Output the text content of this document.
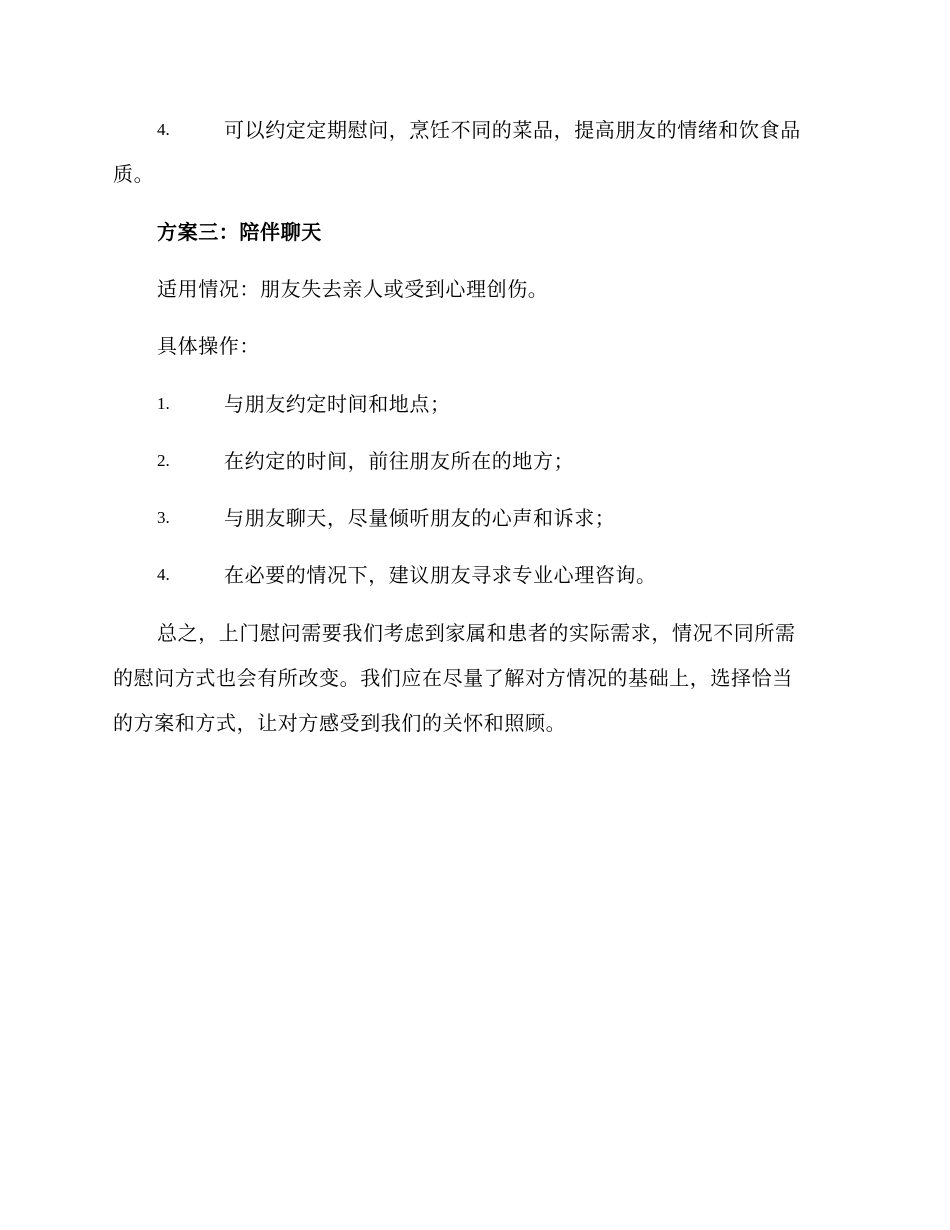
4.	可以约定定期慰问，烹饪不同的菜品，提高朋友的情绪和饮食品
质。
方案三：陪伴聊天
适用情况：朋友失去亲人或受到心理创伤。
具体操作：
1.	与朋友约定时间和地点；
2.	在约定的时间，前往朋友所在的地方；
3.	与朋友聊天，尽量倾听朋友的心声和诉求；
4.	在必要的情况下，建议朋友寻求专业心理咨询。
总之，上门慰问需要我们考虑到家属和患者的实际需求，情况不同所需
的慰问方式也会有所改变。我们应在尽量了解对方情况的基础上，选择恰当
的方案和方式，让对方感受到我们的关怀和照顾。
